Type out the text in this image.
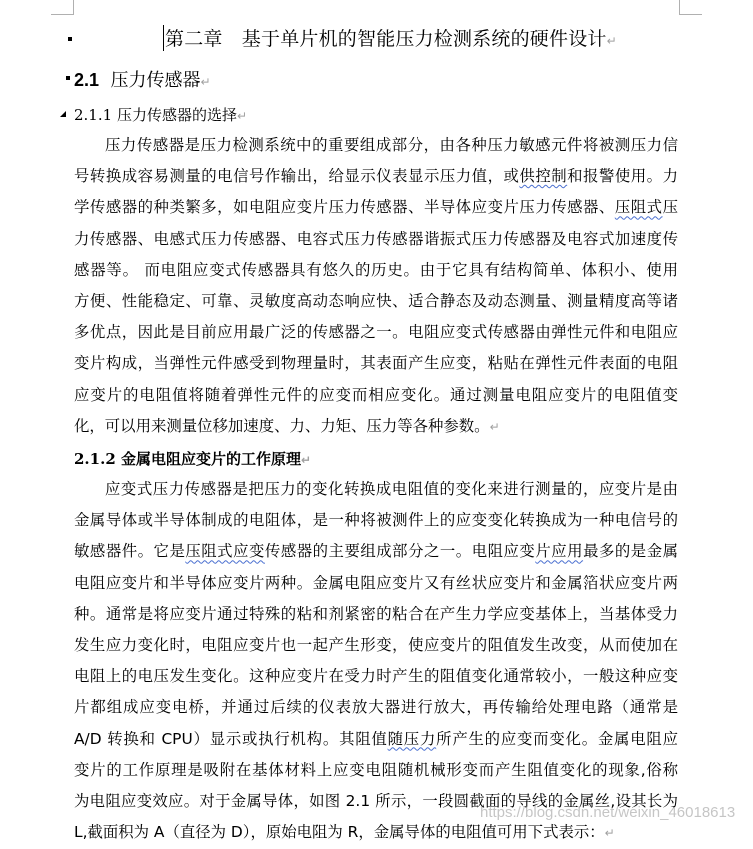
第二章　基于单片机的智能压力检测系统的硬件设计↵
2.1 压力传感器↵
2.1.1 压力传感器的选择↵
压力传感器是压力检测系统中的重要组成部分，由各种压力敏感元件将被测压力信
号转换成容易测量的电信号作输出，给显示仪表显示压力值，或供控制和报警使用。力
学传感器的种类繁多，如电阻应变片压力传感器、半导体应变片压力传感器、压阻式压
力传感器、电感式压力传感器、电容式压力传感器谐振式压力传感器及电容式加速度传
感器等。 而电阻应变式传感器具有悠久的历史。由于它具有结构简单、体积小、使用
方便、性能稳定、可靠、灵敏度高动态响应快、适合静态及动态测量、测量精度高等诸
多优点，因此是目前应用最广泛的传感器之一。电阻应变式传感器由弹性元件和电阻应
变片构成，当弹性元件感受到物理量时，其表面产生应变，粘贴在弹性元件表面的电阻
应变片的电阻值将随着弹性元件的应变而相应变化。通过测量电阻应变片的电阻值变
化，可以用来测量位移加速度、力、力矩、压力等各种参数。↵
2.1.2 金属电阻应变片的工作原理↵
应变式压力传感器是把压力的变化转换成电阻值的变化来进行测量的，应变片是由
金属导体或半导体制成的电阻体，是一种将被测件上的应变变化转换成为一种电信号的
敏感器件。它是压阻式应变传感器的主要组成部分之一。电阻应变片应用最多的是金属
电阻应变片和半导体应变片两种。金属电阻应变片又有丝状应变片和金属箔状应变片两
种。通常是将应变片通过特殊的粘和剂紧密的粘合在产生力学应变基体上，当基体受力
发生应力变化时，电阻应变片也一起产生形变，使应变片的阻值发生改变，从而使加在
电阻上的电压发生变化。这种应变片在受力时产生的阻值变化通常较小，一般这种应变
片都组成应变电桥，并通过后续的仪表放大器进行放大，再传输给处理电路（通常是
A/D 转换和 CPU）显示或执行机构。其阻值随压力所产生的应变而变化。金属电阻应
变片的工作原理是吸附在基体材料上应变电阻随机械形变而产生阻值变化的现象,俗称
为电阻应变效应。对于金属导体，如图 2.1 所示，一段圆截面的导线的金属丝,设其长为
L,截面积为 A（直径为 D），原始电阻为 R，金属导体的电阻值可用下式表示：↵
https://blog.csdn.net/weixin_46018613
